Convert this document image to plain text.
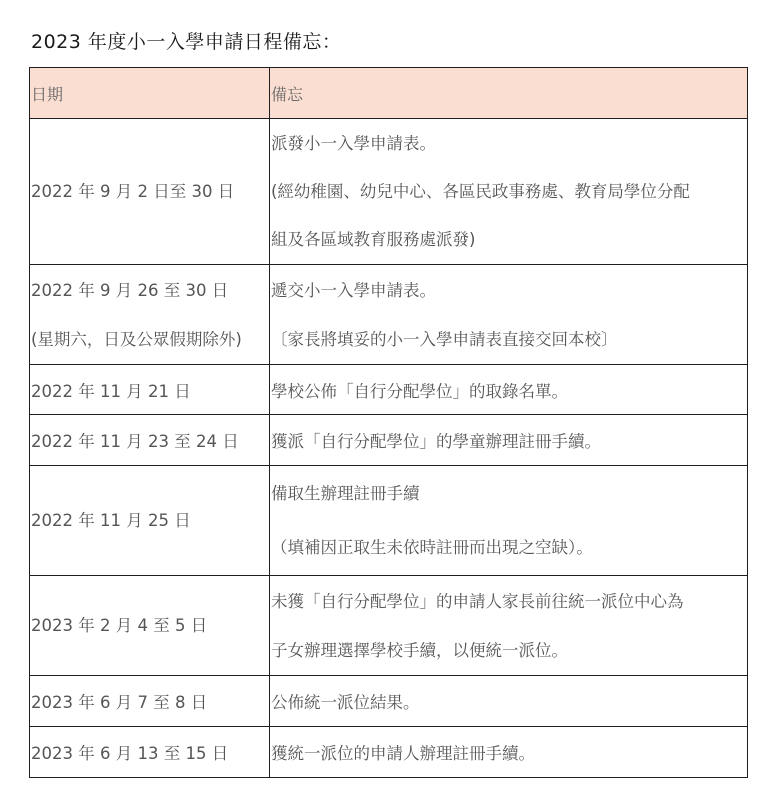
2023 年度小一入學申請日程備忘：
日期	備忘

2022 年 9 月 2 日至 30 日	派發小一入學申請表。
(經幼稚園、幼兒中心、各區民政事務處、教育局學位分配
組及各區域教育服務處派發)

2022 年 9 月 26 至 30 日
(星期六，日及公眾假期除外)	遞交小一入學申請表。
〔家長將填妥的小一入學申請表直接交回本校〕

2022 年 11 月 21 日	學校公佈「自行分配學位」的取錄名單。

2022 年 11 月 23 至 24 日	獲派「自行分配學位」的學童辦理註冊手續。

2022 年 11 月 25 日	備取生辦理註冊手續
（填補因正取生未依時註冊而出現之空缺）。

2023 年 2 月 4 至 5 日	未獲「自行分配學位」的申請人家長前往統一派位中心為
子女辦理選擇學校手續，以便統一派位。

2023 年 6 月 7 至 8 日	公佈統一派位結果。

2023 年 6 月 13 至 15 日	獲統一派位的申請人辦理註冊手續。
